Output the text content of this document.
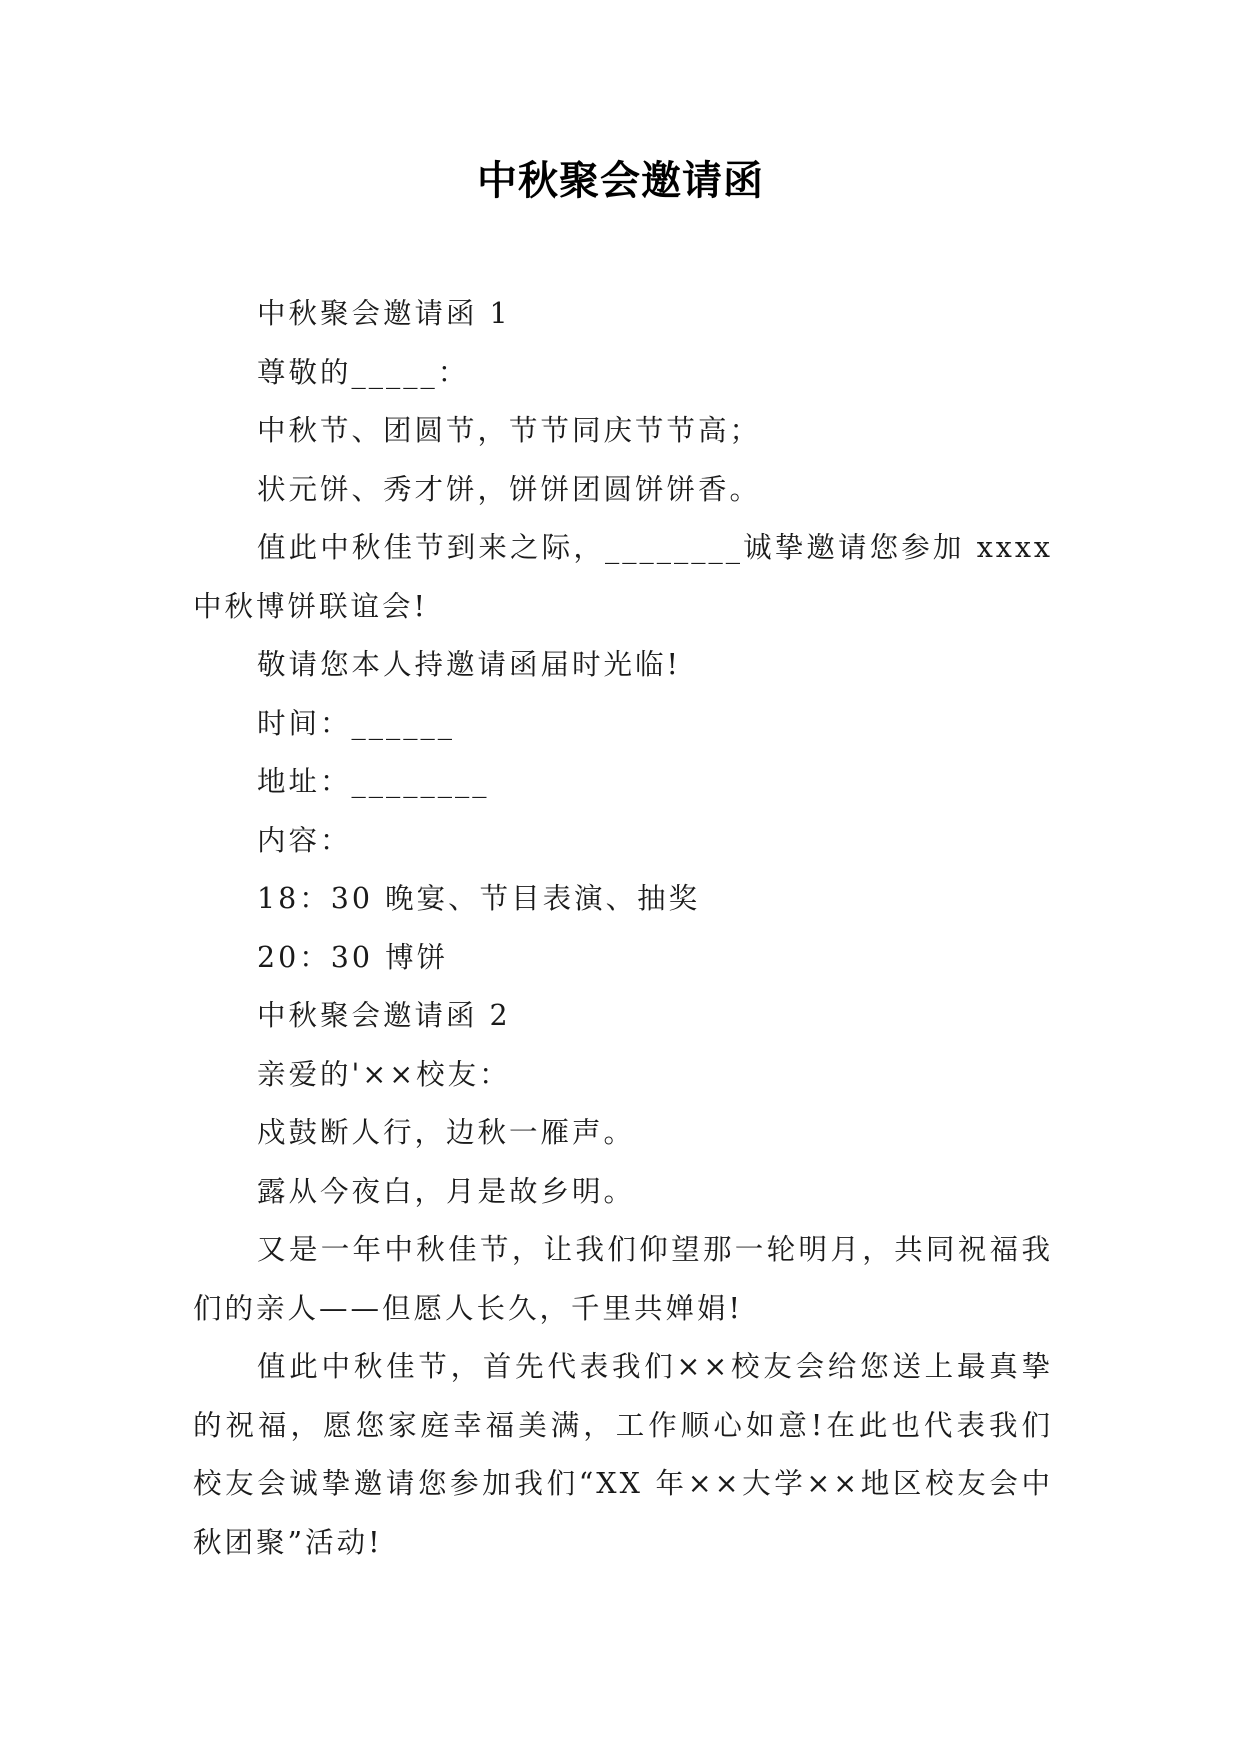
中秋聚会邀请函

中秋聚会邀请函 1

尊敬的_____：

中秋节、团圆节，节节同庆节节高；

状元饼、秀才饼，饼饼团圆饼饼香。

值此中秋佳节到来之际，________诚挚邀请您参加 xxxx 中秋博饼联谊会!

敬请您本人持邀请函届时光临!

时间：______

地址：________

内容：

18：30 晚宴、节目表演、抽奖

20：30 博饼

中秋聚会邀请函 2

亲爱的'××校友：

戍鼓断人行，边秋一雁声。

露从今夜白，月是故乡明。

又是一年中秋佳节，让我们仰望那一轮明月，共同祝福我们的亲人——但愿人长久，千里共婵娟!

值此中秋佳节，首先代表我们××校友会给您送上最真挚的祝福，愿您家庭幸福美满，工作顺心如意!在此也代表我们校友会诚挚邀请您参加我们“XX 年××大学××地区校友会中秋团聚”活动!
